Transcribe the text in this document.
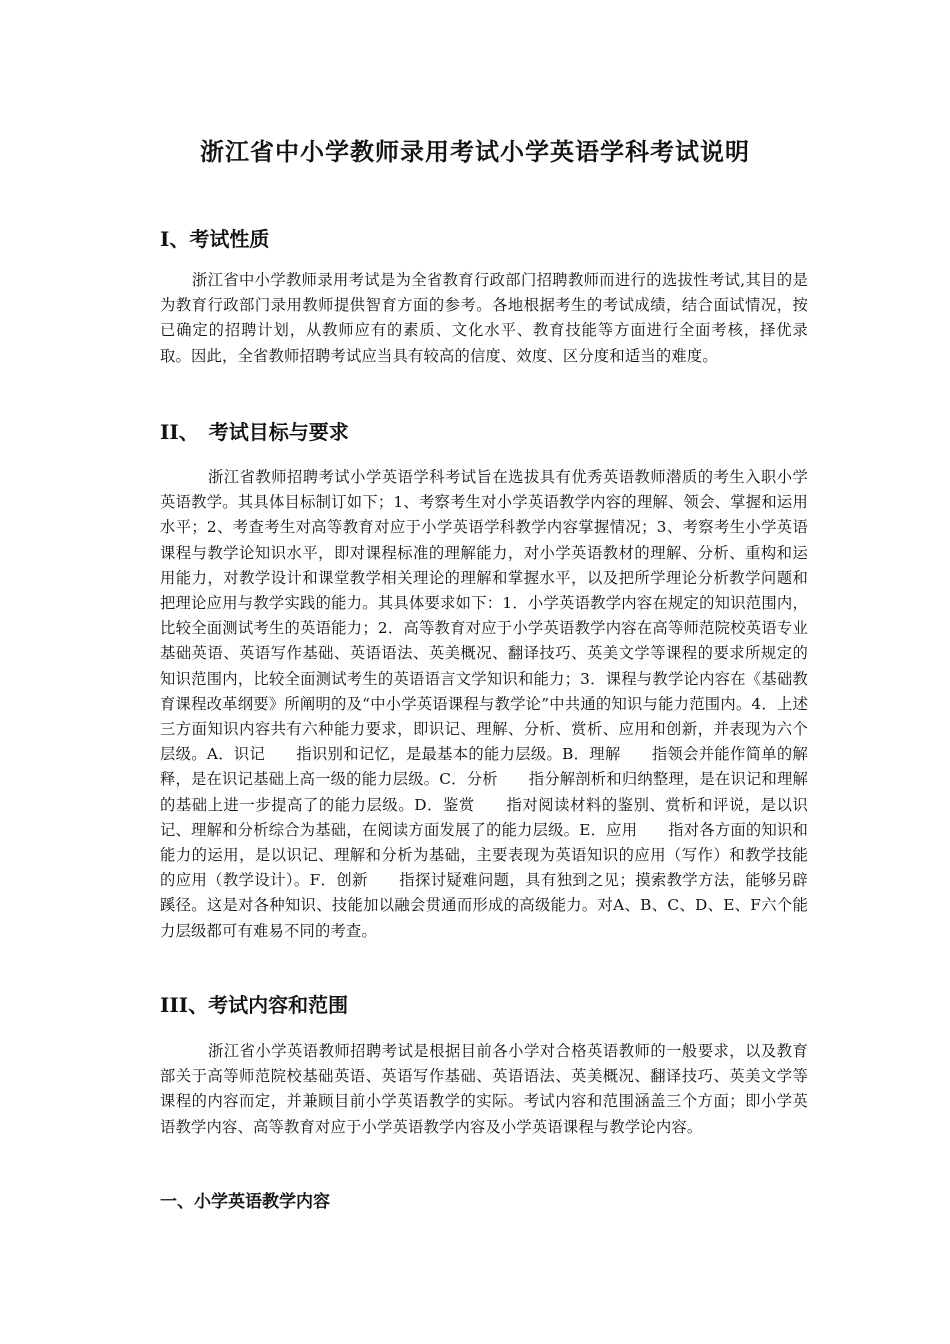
浙江省中小学教师录用考试小学英语学科考试说明
Ⅰ、考试性质
浙江省中小学教师录用考试是为全省教育行政部门招聘教师而进行的选拔性考试,其目的是为教育行政部门录用教师提供智育方面的参考。各地根据考生的考试成绩，结合面试情况，按已确定的招聘计划，从教师应有的素质、文化水平、教育技能等方面进行全面考核，择优录取。因此，全省教师招聘考试应当具有较高的信度、效度、区分度和适当的难度。
II、　考试目标与要求
浙江省教师招聘考试小学英语学科考试旨在选拔具有优秀英语教师潜质的考生入职小学英语教学。其具体目标制订如下；1、考察考生对小学英语教学内容的理解、领会、掌握和运用水平；2、考查考生对高等教育对应于小学英语学科教学内容掌握情况；3、考察考生小学英语课程与教学论知识水平，即对课程标准的理解能力，对小学英语教材的理解、分析、重构和运用能力，对教学设计和课堂教学相关理论的理解和掌握水平，以及把所学理论分析教学问题和把理论应用与教学实践的能力。其具体要求如下：1．小学英语教学内容在规定的知识范围内，比较全面测试考生的英语能力；2．高等教育对应于小学英语教学内容在高等师范院校英语专业基础英语、英语写作基础、英语语法、英美概况、翻译技巧、英美文学等课程的要求所规定的知识范围内，比较全面测试考生的英语语言文学知识和能力；3．课程与教学论内容在《基础教育课程改革纲要》所阐明的及“中小学英语课程与教学论”中共通的知识与能力范围内。4．上述三方面知识内容共有六种能力要求，即识记、理解、分析、赏析、应用和创新，并表现为六个层级。A．识记　　指识别和记忆，是最基本的能力层级。B．理解　　指领会并能作简单的解释，是在识记基础上高一级的能力层级。C．分析　　指分解剖析和归纳整理，是在识记和理解的基础上进一步提高了的能力层级。D．鉴赏　　指对阅读材料的鉴别、赏析和评说，是以识记、理解和分析综合为基础，在阅读方面发展了的能力层级。E．应用　　指对各方面的知识和能力的运用，是以识记、理解和分析为基础，主要表现为英语知识的应用（写作）和教学技能的应用（教学设计）。F．创新　　指探讨疑难问题，具有独到之见；摸索教学方法，能够另辟蹊径。这是对各种知识、技能加以融会贯通而形成的高级能力。对A、B、C、D、E、F六个能力层级都可有难易不同的考查。
III、考试内容和范围
浙江省小学英语教师招聘考试是根据目前各小学对合格英语教师的一般要求，以及教育部关于高等师范院校基础英语、英语写作基础、英语语法、英美概况、翻译技巧、英美文学等课程的内容而定，并兼顾目前小学英语教学的实际。考试内容和范围涵盖三个方面；即小学英语教学内容、高等教育对应于小学英语教学内容及小学英语课程与教学论内容。
一、小学英语教学内容
